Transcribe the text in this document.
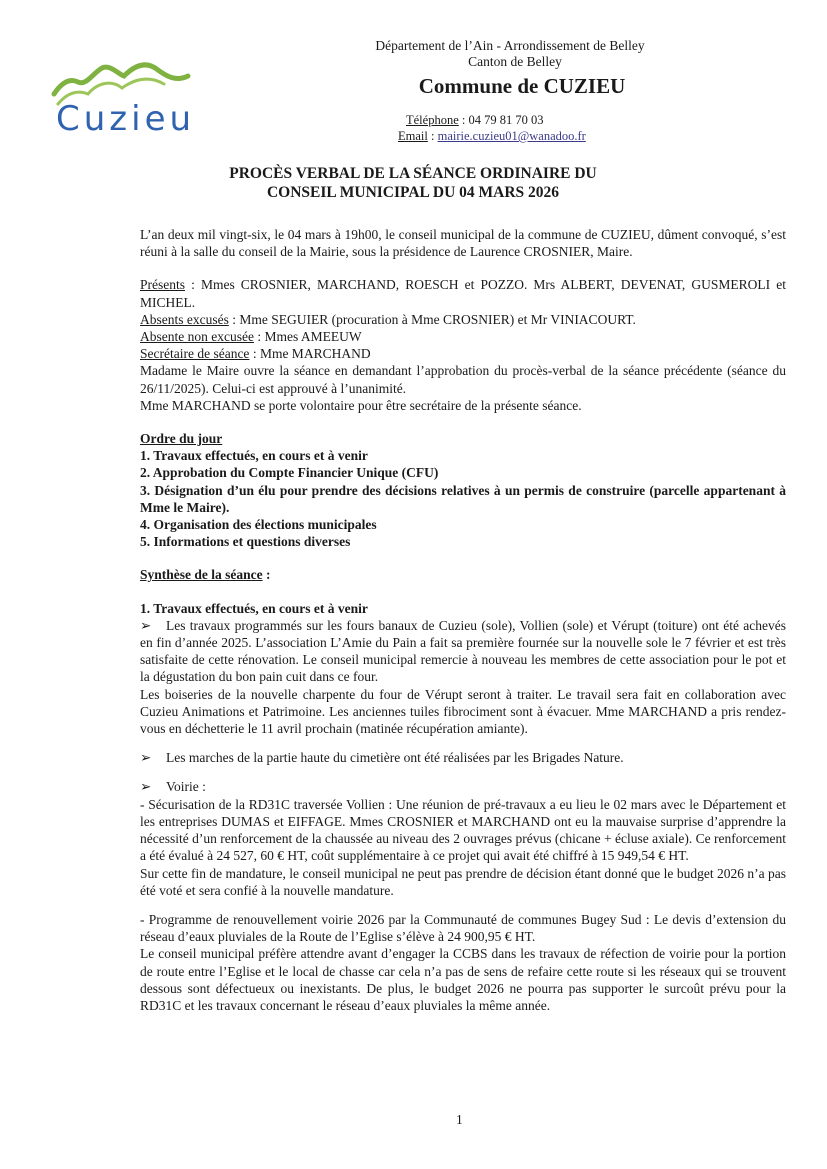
Cuzieu
Département de l’Ain - Arrondissement de Belley
Canton de Belley
Commune de CUZIEU
Téléphone : 04 79 81 70 03
Email : mairie.cuzieu01@wanadoo.fr
PROCÈS VERBAL DE LA SÉANCE ORDINAIRE DU
CONSEIL MUNICIPAL DU 04 MARS 2026

L’an deux mil vingt-six, le 04 mars à 19h00, le conseil municipal de la commune de CUZIEU, dûment convoqué, s’est réuni à la salle du conseil de la Mairie, sous la présidence de Laurence CROSNIER, Maire.

Présents : Mmes CROSNIER, MARCHAND, ROESCH et POZZO. Mrs ALBERT, DEVENAT, GUSMEROLI et MICHEL.

Absents excusés : Mme SEGUIER (procuration à Mme CROSNIER) et Mr VINIACOURT.

Absente non excusée : Mmes AMEEUW

Secrétaire de séance : Mme MARCHAND

Madame le Maire ouvre la séance en demandant l’approbation du procès-verbal de la séance précédente (séance du 26/11/2025). Celui-ci est approuvé à l’unanimité.

Mme MARCHAND se porte volontaire pour être secrétaire de la présente séance.

Ordre du jour

1. Travaux effectués, en cours et à venir

2. Approbation du Compte Financier Unique (CFU)

3. Désignation d’un élu pour prendre des décisions relatives à un permis de construire (parcelle appartenant à Mme le Maire).

4. Organisation des élections municipales

5. Informations et questions diverses

Synthèse de la séance :

1. Travaux effectués, en cours et à venir

➢ Les travaux programmés sur les fours banaux de Cuzieu (sole), Vollien (sole) et Vérupt (toiture) ont été achevés en fin d’année 2025. L’association L’Amie du Pain a fait sa première fournée sur la nouvelle sole le 7 février et est très satisfaite de cette rénovation. Le conseil municipal remercie à nouveau les membres de cette association pour le pot et la dégustation du bon pain cuit dans ce four.

Les boiseries de la nouvelle charpente du four de Vérupt seront à traiter. Le travail sera fait en collaboration avec Cuzieu Animations et Patrimoine. Les anciennes tuiles fibrociment sont à évacuer. Mme MARCHAND a pris rendez-vous en déchetterie le 11 avril prochain (matinée récupération amiante).

➢ Les marches de la partie haute du cimetière ont été réalisées par les Brigades Nature.

➢ Voirie :

- Sécurisation de la RD31C traversée Vollien : Une réunion de pré-travaux a eu lieu le 02 mars avec le Département et les entreprises DUMAS et EIFFAGE. Mmes CROSNIER et MARCHAND ont eu la mauvaise surprise d’apprendre la nécessité d’un renforcement de la chaussée au niveau des 2 ouvrages prévus (chicane + écluse axiale). Ce renforcement a été évalué à 24 527, 60 € HT, coût supplémentaire à ce projet qui avait été chiffré à 15 949,54 € HT.

Sur cette fin de mandature, le conseil municipal ne peut pas prendre de décision étant donné que le budget 2026 n’a pas été voté et sera confié à la nouvelle mandature.

- Programme de renouvellement voirie 2026 par la Communauté de communes Bugey Sud : Le devis d’extension du réseau d’eaux pluviales de la Route de l’Eglise s’élève à 24 900,95 € HT.

Le conseil municipal préfère attendre avant d’engager la CCBS dans les travaux de réfection de voirie pour la portion de route entre l’Eglise et le local de chasse car cela n’a pas de sens de refaire cette route si les réseaux qui se trouvent dessous sont défectueux ou inexistants. De plus, le budget 2026 ne pourra pas supporter le surcoût prévu pour la RD31C et les travaux concernant le réseau d’eaux pluviales la même année.

1
